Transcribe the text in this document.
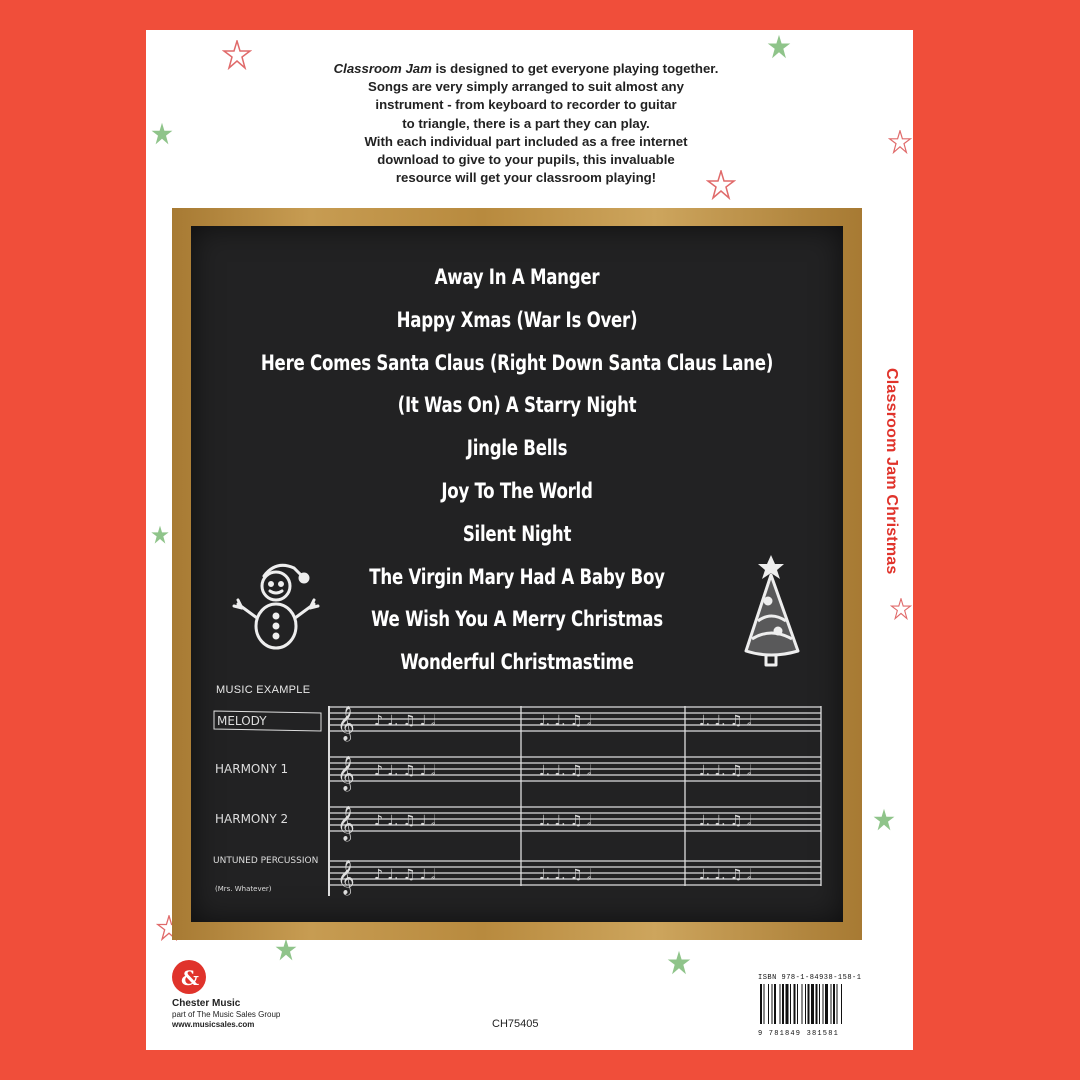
Classroom Jam is designed to get everyone playing together.
Songs are very simply arranged to suit almost any
instrument - from keyboard to recorder to guitar
to triangle, there is a part they can play.
With each individual part included as a free internet
download to give to your pupils, this invaluable
resource will get your classroom playing!
Away In A Manger
Happy Xmas (War Is Over)
Here Comes Santa Claus (Right Down Santa Claus Lane)
(It Was On) A Starry Night
Jingle Bells
Joy To The World
Silent Night
The Virgin Mary Had A Baby Boy
We Wish You A Merry Christmas
Wonderful Christmastime
MUSIC EXAMPLE
MELODY 𝄞 ♪ ♩. ♫ ♩ 𝅗𝅥	♩. ♩. ♫ 𝅗𝅥	♩. ♩. ♫ 𝅗𝅥
HARMONY 1 𝄞 ♪ ♩. ♫ ♩ 𝅗𝅥	♩. ♩. ♫ 𝅗𝅥	♩. ♩. ♫ 𝅗𝅥
HARMONY 2 𝄞 ♪ ♩. ♫ ♩ 𝅗𝅥	♩. ♩. ♫ 𝅗𝅥	♩. ♩. ♫ 𝅗𝅥
UNTUNED PERCUSSION
(Mrs. Whatever) 𝄞 ♪ ♩. ♫ ♩ 𝅗𝅥	♩. ♩. ♫ 𝅗𝅥	♩. ♩. ♫ 𝅗𝅥
Classroom Jam Christmas
&
Chester Music
part of The Music Sales Group
www.musicsales.com	CH75405
ISBN 978-1-84938-158-1
9 781849 381581
